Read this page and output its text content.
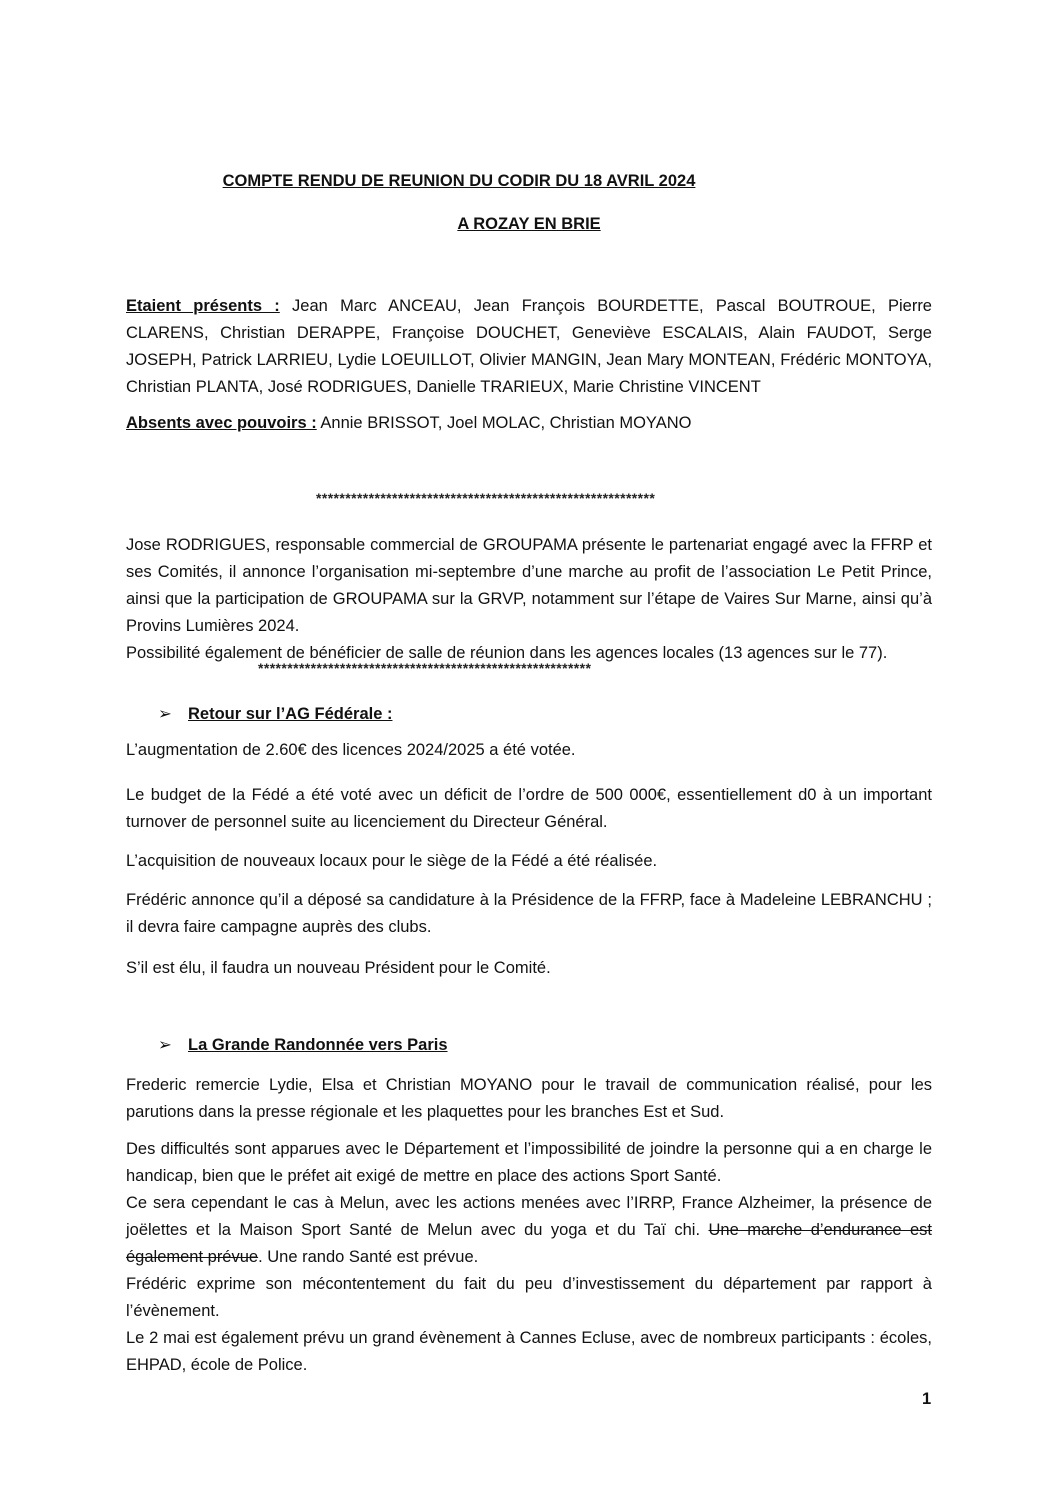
COMPTE RENDU DE REUNION DU CODIR DU 18 AVRIL 2024
A ROZAY EN BRIE

Etaient présents : Jean Marc ANCEAU, Jean François BOURDETTE, Pascal BOUTROUE, Pierre CLARENS, Christian DERAPPE, Françoise DOUCHET, Geneviève ESCALAIS, Alain FAUDOT, Serge JOSEPH, Patrick LARRIEU, Lydie LOEUILLOT, Olivier MANGIN, Jean Mary MONTEAN, Frédéric MONTOYA, Christian PLANTA, José RODRIGUES, Danielle TRARIEUX, Marie Christine VINCENT

Absents avec pouvoirs : Annie BRISSOT, Joel MOLAC, Christian MOYANO

**********************************************************

Jose RODRIGUES, responsable commercial de GROUPAMA présente le partenariat engagé avec la FFRP et ses Comités, il annonce l’organisation mi-septembre d’une marche au profit de l’association Le Petit Prince, ainsi que la participation de GROUPAMA sur la GRVP, notamment sur l’étape de Vaires Sur Marne, ainsi qu’à Provins Lumières 2024.
Possibilité également de bénéficier de salle de réunion dans les agences locales (13 agences sur le 77).

*********************************************************
➢ Retour sur l’AG Fédérale :

L’augmentation de 2.60€ des licences 2024/2025 a été votée.

Le budget de la Fédé a été voté avec un déficit de l’ordre de 500 000€, essentiellement d0 à un important turnover de personnel suite au licenciement du Directeur Général.

L’acquisition de nouveaux locaux pour le siège de la Fédé a été réalisée.

Frédéric annonce qu’il a déposé sa candidature à la Présidence de la FFRP, face à Madeleine LEBRANCHU ; il devra faire campagne auprès des clubs.

S’il est élu, il faudra un nouveau Président pour le Comité.

➢ La Grande Randonnée vers Paris

Frederic remercie Lydie, Elsa et Christian MOYANO pour le travail de communication réalisé, pour les parutions dans la presse régionale et les plaquettes pour les branches Est et Sud.

Des difficultés sont apparues avec le Département et l’impossibilité de joindre la personne qui a en charge le handicap, bien que le préfet ait exigé de mettre en place des actions Sport Santé.
Ce sera cependant le cas à Melun, avec les actions menées avec l’IRRP, France Alzheimer, la présence de joëlettes et la Maison Sport Santé de Melun avec du yoga et du Taï chi. Une marche d’endurance est également prévue. Une rando Santé est prévue.
Frédéric exprime son mécontentement du fait du peu d’investissement du département par rapport à l’évènement.
Le 2 mai est également prévu un grand évènement à Cannes Ecluse, avec de nombreux participants : écoles, EHPAD, école de Police.

1
